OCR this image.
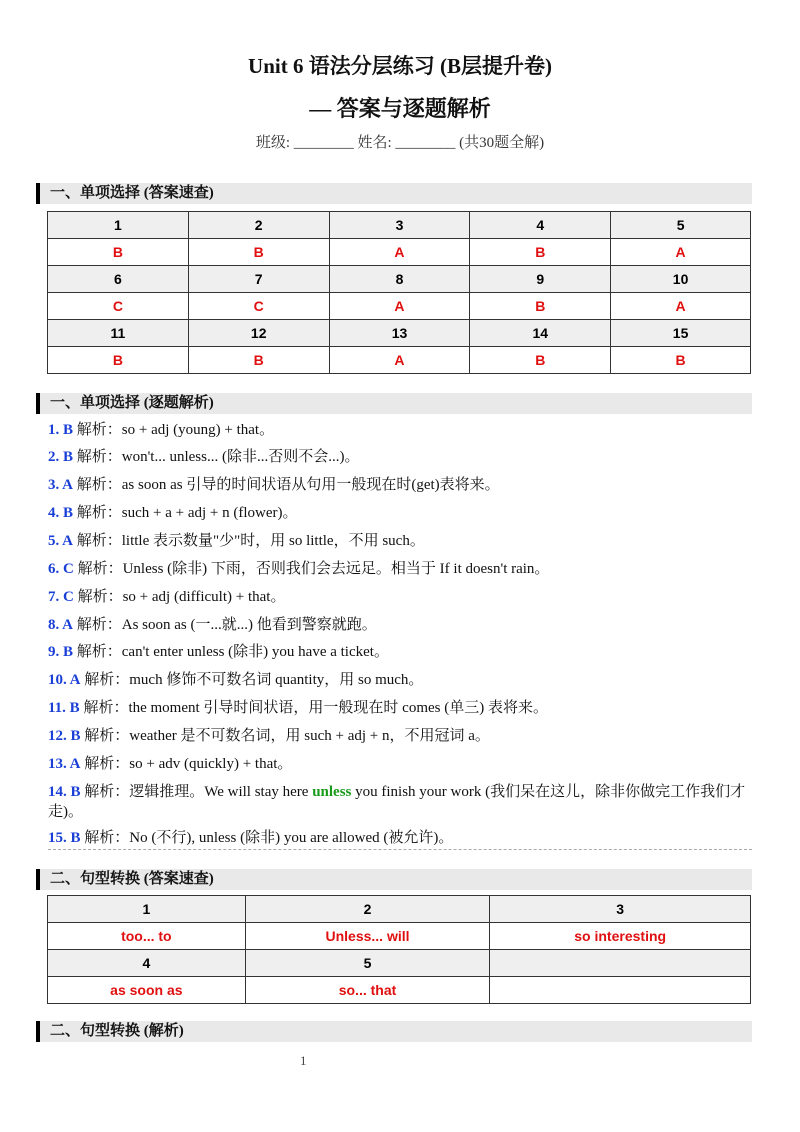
Unit 6 语法分层练习 (B层提升卷)
— 答案与逐题解析
班级: ________ 姓名: ________ (共30题全解)
一、单项选择 (答案速查)
1	2	3	4	5
B	B	A	B	A
6	7	8	9	10
C	C	A	B	A
11	12	13	14	15
B	B	A	B	B
一、单项选择 (逐题解析)
1. B 解析：so + adj (young) + that。
2. B 解析：won't... unless... (除非...否则不会...)。
3. A 解析：as soon as 引导的时间状语从句用一般现在时(get)表将来。
4. B 解析：such + a + adj + n (flower)。
5. A 解析：little 表示数量"少"时，用 so little，不用 such。
6. C 解析：Unless (除非) 下雨，否则我们会去远足。相当于 If it doesn't rain。
7. C 解析：so + adj (difficult) + that。
8. A 解析：As soon as (一...就...) 他看到警察就跑。
9. B 解析：can't enter unless (除非) you have a ticket。
10. A 解析：much 修饰不可数名词 quantity，用 so much。
11. B 解析：the moment 引导时间状语，用一般现在时 comes (单三) 表将来。
12. B 解析：weather 是不可数名词，用 such + adj + n，不用冠词 a。
13. A 解析：so + adv (quickly) + that。
14. B 解析：逻辑推理。We will stay here unless you finish your work (我们呆在这儿，除非你做完工作我们才走)。
15. B 解析：No (不行), unless (除非) you are allowed (被允许)。
二、句型转换 (答案速查)
1	2	3
too... to	Unless... will	so interesting
4	5	
as soon as	so... that	
二、句型转换 (解析)
1
